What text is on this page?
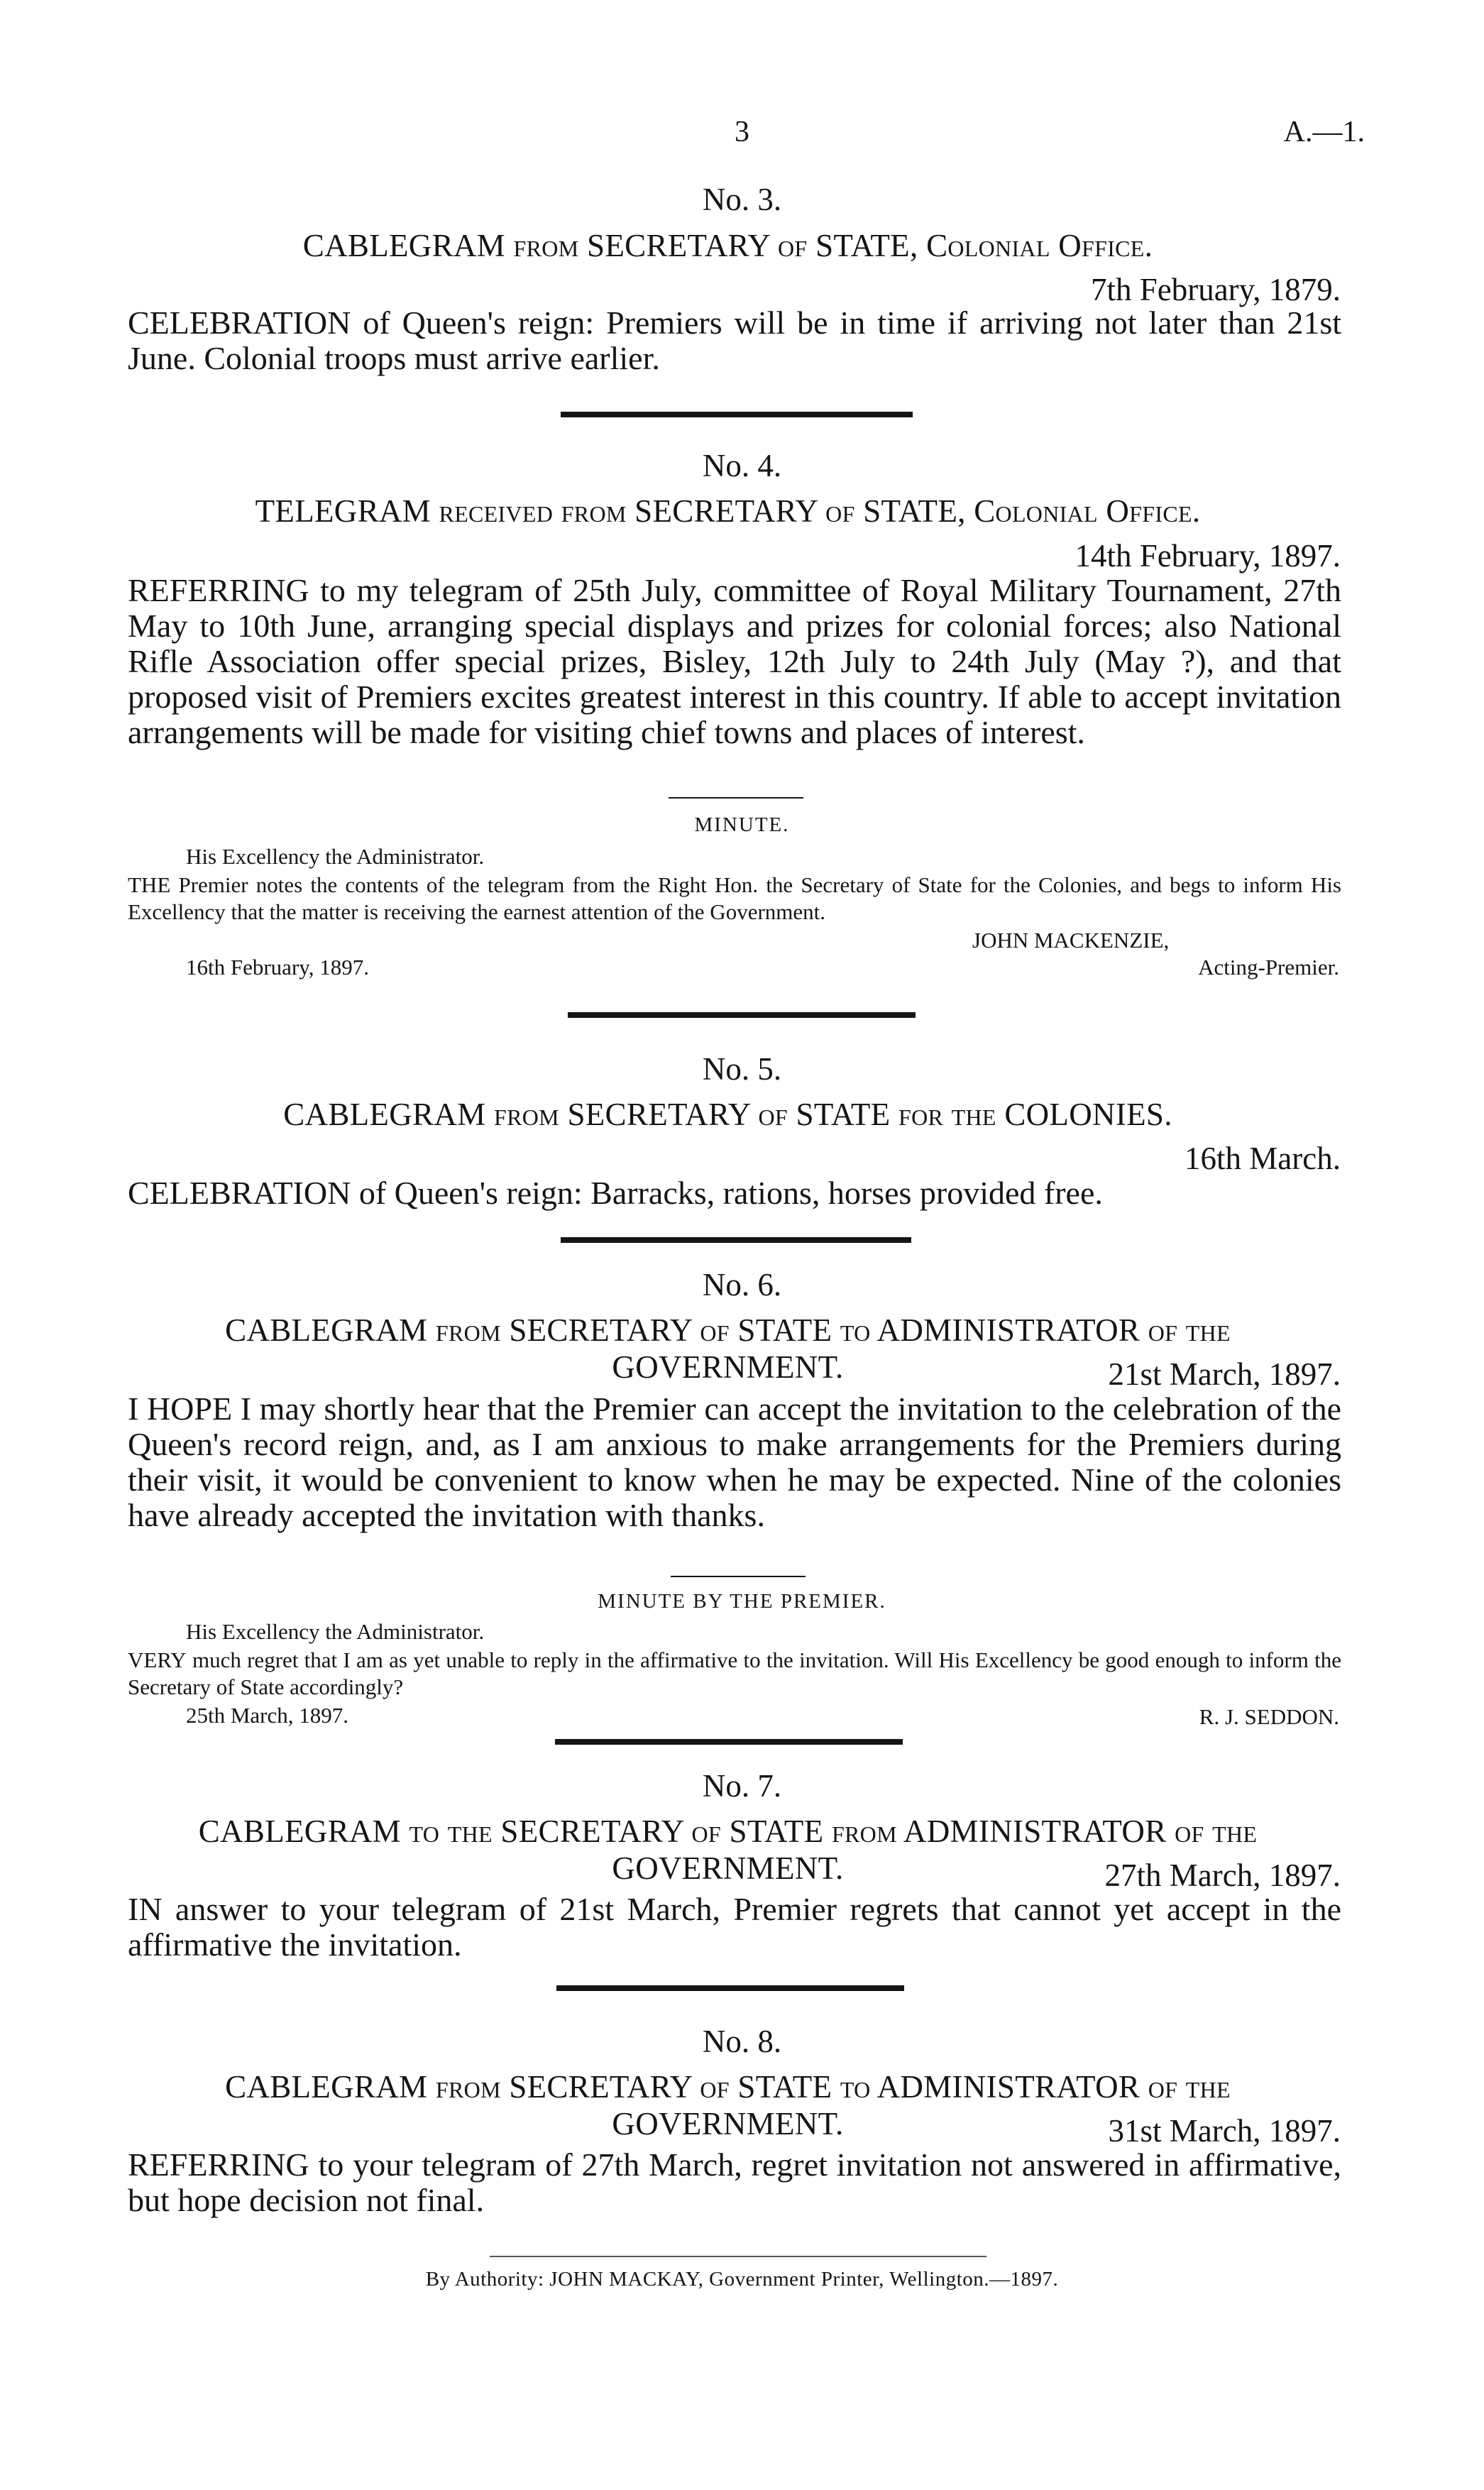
3	A.—1.
No. 3.
CABLEGRAM from SECRETARY of STATE, Colonial Office.
7th February, 1879.

CELEBRATION of Queen's reign: Premiers will be in time if arriving not later than 21st June. Colonial troops must arrive earlier.

No. 4.
TELEGRAM received from SECRETARY of STATE, Colonial Office.
14th February, 1897.

REFERRING to my telegram of 25th July, committee of Royal Military Tournament, 27th May to 10th June, arranging special displays and prizes for colonial forces; also National Rifle Association offer special prizes, Bisley, 12th July to 24th July (May ?), and that proposed visit of Premiers excites greatest interest in this country. If able to accept invitation arrangements will be made for visiting chief towns and places of interest.

MINUTE.
His Excellency the Administrator.

THE Premier notes the contents of the telegram from the Right Hon. the Secretary of State for the Colonies, and begs to inform His Excellency that the matter is receiving the earnest attention of the Government.

JOHN MACKENZIE,
16th February, 1897.	Acting-Premier.
No. 5.
CABLEGRAM from SECRETARY of STATE for the COLONIES.
16th March.

CELEBRATION of Queen's reign: Barracks, rations, horses provided free.

No. 6.
CABLEGRAM from SECRETARY of STATE to ADMINISTRATOR of the GOVERNMENT.	21st March, 1897.

I HOPE I may shortly hear that the Premier can accept the invitation to the celebration of the Queen's record reign, and, as I am anxious to make arrangements for the Premiers during their visit, it would be convenient to know when he may be expected. Nine of the colonies have already accepted the invitation with thanks.

MINUTE BY THE PREMIER.
His Excellency the Administrator.

VERY much regret that I am as yet unable to reply in the affirmative to the invitation. Will His Excellency be good enough to inform the Secretary of State accordingly?

25th March, 1897.	R. J. SEDDON.
No. 7.
CABLEGRAM to the SECRETARY of STATE from ADMINISTRATOR of the GOVERNMENT.	27th March, 1897.

IN answer to your telegram of 21st March, Premier regrets that cannot yet accept in the affirmative the invitation.

No. 8.
CABLEGRAM from SECRETARY of STATE to ADMINISTRATOR of the GOVERNMENT.	31st March, 1897.

REFERRING to your telegram of 27th March, regret invitation not answered in affirmative, but hope decision not final.

By Authority: JOHN MACKAY, Government Printer, Wellington.—1897.
